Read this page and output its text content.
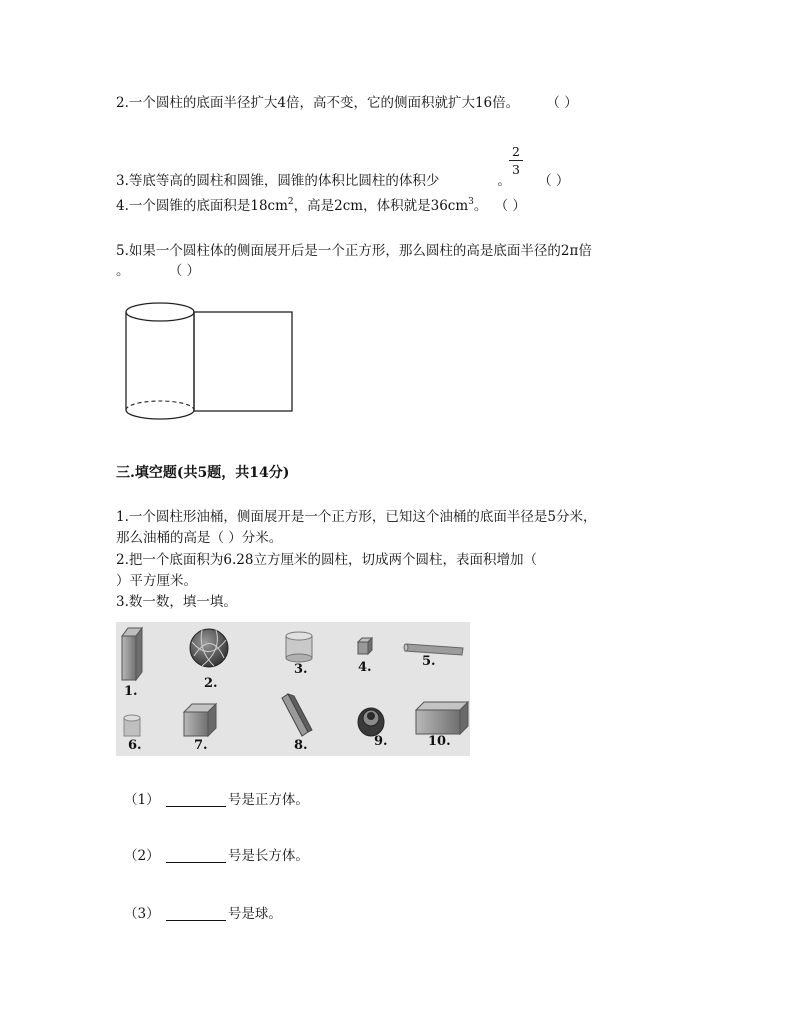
2.一个圆柱的底面半径扩大4倍，高不变，它的侧面积就扩大16倍。	（ ）
2
3
3.等底等高的圆柱和圆锥，圆锥的体积比圆柱的体积少	。	（ ）
4.一个圆锥的底面积是$18cm^2$，高是2cm，体积就是$36cm^3$。 （ ）
5.如果一个圆柱体的侧面展开后是一个正方形，那么圆柱的高是底面半径的2π倍
。	（ ）
三.填空题(共5题，共14分)
1.一个圆柱形油桶，侧面展开是一个正方形，已知这个油桶的底面半径是5分米，
那么油桶的高是（ ）分米。
2.把一个底面积为6.28立方厘米的圆柱，切成两个圆柱，表面积增加（
）平方厘米。
3.数一数，填一填。
1.
2.
3.	4.	5.
6.	7.	8.	9.	10.
（1）	号是正方体。
（2）	号是长方体。
（3）	号是球。
